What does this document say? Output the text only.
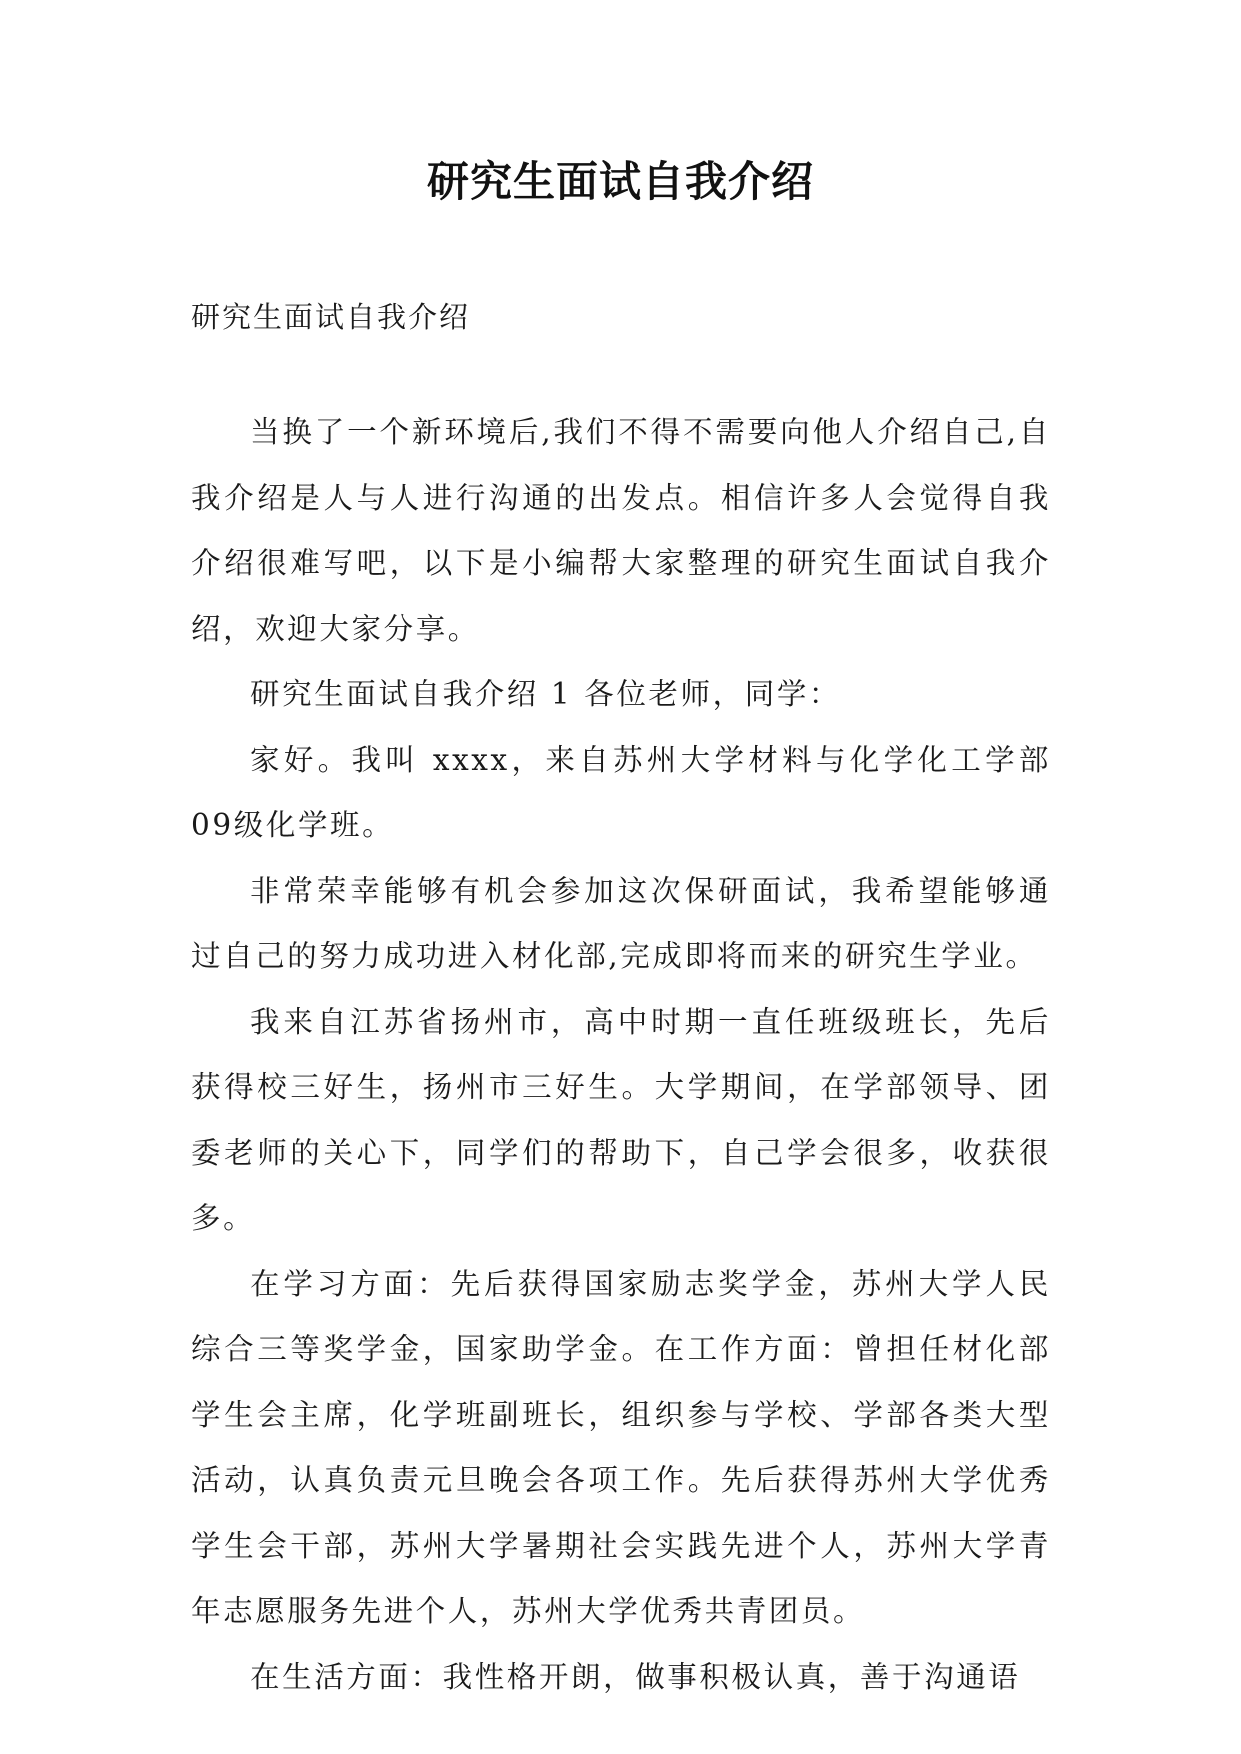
研究生面试自我介绍
研究生面试自我介绍

当换了一个新环境后,我们不得不需要向他人介绍自己,自我介绍是人与人进行沟通的出发点。相信许多人会觉得自我介绍很难写吧，以下是小编帮大家整理的研究生面试自我介绍，欢迎大家分享。

研究生面试自我介绍 1 各位老师，同学：

家好。我叫 xxxx，来自苏州大学材料与化学化工学部 09级化学班。

非常荣幸能够有机会参加这次保研面试，我希望能够通过自己的努力成功进入材化部,完成即将而来的研究生学业。

我来自江苏省扬州市，高中时期一直任班级班长，先后获得校三好生，扬州市三好生。大学期间，在学部领导、团委老师的关心下，同学们的帮助下，自己学会很多，收获很多。

在学习方面：先后获得国家励志奖学金，苏州大学人民综合三等奖学金，国家助学金。在工作方面：曾担任材化部学生会主席，化学班副班长，组织参与学校、学部各类大型活动，认真负责元旦晚会各项工作。先后获得苏州大学优秀学生会干部，苏州大学暑期社会实践先进个人，苏州大学青年志愿服务先进个人，苏州大学优秀共青团员。

在生活方面：我性格开朗，做事积极认真，善于沟通语
